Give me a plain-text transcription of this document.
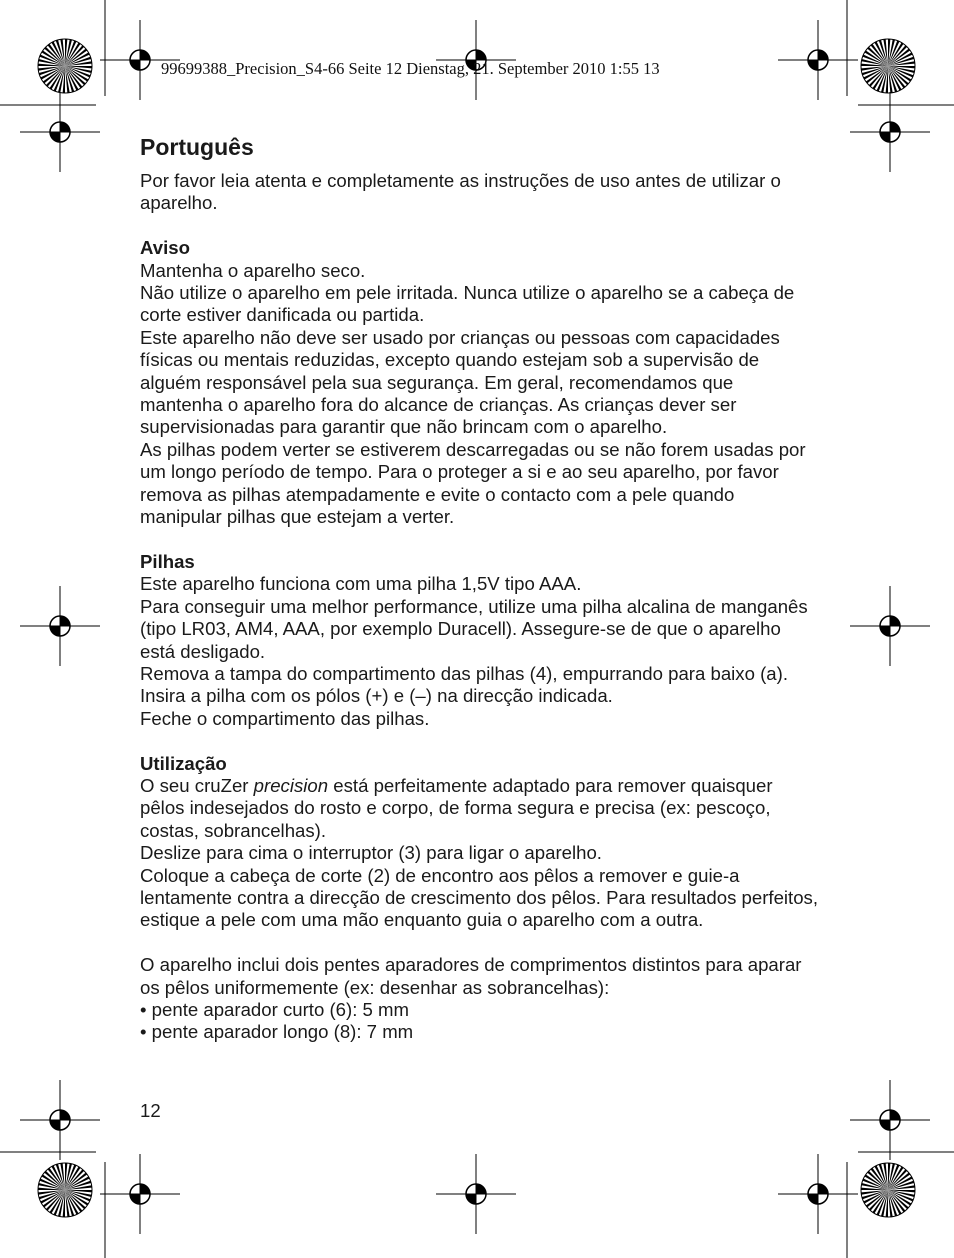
99699388_Precision_S4-66 Seite 12 Dienstag, 21. September 2010 1:55 13
Português

Por favor leia atenta e completamente as instruções de uso antes de utilizar o aparelho.

Aviso

Mantenha o aparelho seco.

Não utilize o aparelho em pele irritada. Nunca utilize o aparelho se a cabeça de corte estiver danificada ou partida.

Este aparelho não deve ser usado por crianças ou pessoas com capacidades físicas ou mentais reduzidas, excepto quando estejam sob a supervisão de alguém responsável pela sua segurança. Em geral, recomendamos que mantenha o aparelho fora do alcance de crianças. As crianças dever ser supervisionadas para garantir que não brincam com o aparelho.

As pilhas podem verter se estiverem descarregadas ou se não forem usadas por um longo período de tempo. Para o proteger a si e ao seu aparelho, por favor remova as pilhas atempadamente e evite o contacto com a pele quando manipular pilhas que estejam a verter.

Pilhas

Este aparelho funciona com uma pilha 1,5V tipo AAA.

Para conseguir uma melhor performance, utilize uma pilha alcalina de manganês (tipo LR03, AM4, AAA, por exemplo Duracell). Assegure-se de que o aparelho está desligado.

Remova a tampa do compartimento das pilhas (4), empurrando para baixo (a).

Insira a pilha com os pólos (+) e (–) na direcção indicada.

Feche o compartimento das pilhas.

Utilização

O seu cruZer precision está perfeitamente adaptado para remover quaisquer pêlos indesejados do rosto e corpo, de forma segura e precisa (ex: pescoço, costas, sobrancelhas).

Deslize para cima o interruptor (3) para ligar o aparelho.

Coloque a cabeça de corte (2) de encontro aos pêlos a remover e guie-a lentamente contra a direcção de crescimento dos pêlos. Para resultados perfeitos, estique a pele com uma mão enquanto guia o aparelho com a outra.

O aparelho inclui dois pentes aparadores de comprimentos distintos para aparar os pêlos uniformemente (ex: desenhar as sobrancelhas):

• pente aparador curto (6): 5 mm

• pente aparador longo (8): 7 mm

12
